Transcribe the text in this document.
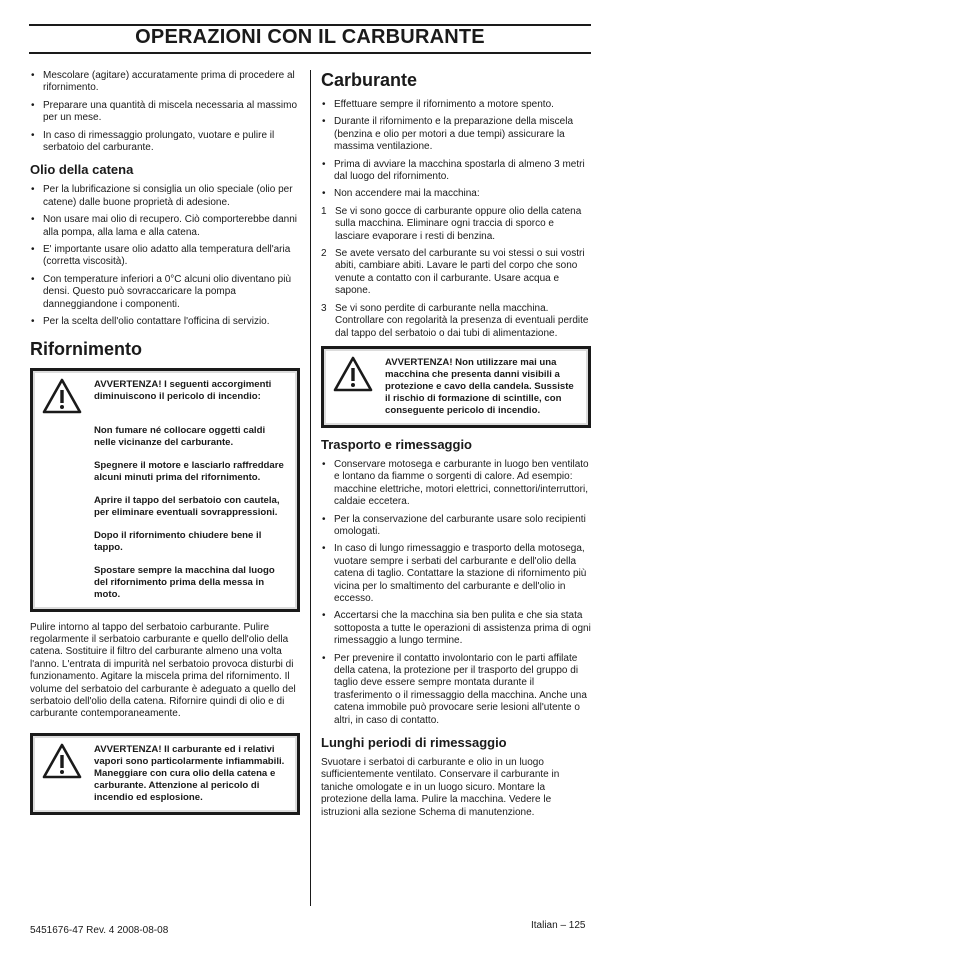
OPERAZIONI CON IL CARBURANTE
• Mescolare (agitare) accuratamente prima di procedere al rifornimento.
• Preparare una quantità di miscela necessaria al massimo per un mese.
• In caso di rimessaggio prolungato, vuotare e pulire il serbatoio del carburante.
Olio della catena
• Per la lubrificazione si consiglia un olio speciale (olio per catene) dalle buone proprietà di adesione.
• Non usare mai olio di recupero. Ciò comporterebbe danni alla pompa, alla lama e alla catena.
• E' importante usare olio adatto alla temperatura dell'aria (corretta viscosità).
• Con temperature inferiori a 0°C alcuni olio diventano più densi. Questo può sovraccaricare la pompa danneggiandone i componenti.
• Per la scelta dell'olio contattare l'officina di servizio.
Rifornimento

AVVERTENZA! I seguenti accorgimenti diminuiscono il pericolo di incendio:

Non fumare né collocare oggetti caldi nelle vicinanze del carburante.

Spegnere il motore e lasciarlo raffreddare alcuni minuti prima del rifornimento.

Aprire il tappo del serbatoio con cautela, per eliminare eventuali sovrappressioni.

Dopo il rifornimento chiudere bene il tappo.

Spostare sempre la macchina dal luogo del rifornimento prima della messa in moto.

Pulire intorno al tappo del serbatoio carburante. Pulire regolarmente il serbatoio carburante e quello dell'olio della catena. Sostituire il filtro del carburante almeno una volta l'anno. L'entrata di impurità nel serbatoio provoca disturbi di funzionamento. Agitare la miscela prima del rifornimento. Il volume del serbatoio del carburante è adeguato a quello del serbatoio dell'olio della catena. Rifornire quindi di olio e di carburante contemporaneamente.

AVVERTENZA! Il carburante ed i relativi vapori sono particolarmente infiammabili. Maneggiare con cura olio della catena e carburante. Attenzione al pericolo di incendio ed esplosione.

Carburante
• Effettuare sempre il rifornimento a motore spento.
• Durante il rifornimento e la preparazione della miscela (benzina e olio per motori a due tempi) assicurare la massima ventilazione.
• Prima di avviare la macchina spostarla di almeno 3 metri dal luogo del rifornimento.
• Non accendere mai la macchina:
1 Se vi sono gocce di carburante oppure olio della catena sulla macchina. Eliminare ogni traccia di sporco e lasciare evaporare i resti di benzina.
2 Se avete versato del carburante su voi stessi o sui vostri abiti, cambiare abiti. Lavare le parti del corpo che sono venute a contatto con il carburante. Usare acqua e sapone.
3 Se vi sono perdite di carburante nella macchina. Controllare con regolarità la presenza di eventuali perdite dal tappo del serbatoio o dai tubi di alimentazione.

AVVERTENZA! Non utilizzare mai una macchina che presenta danni visibili a protezione e cavo della candela. Sussiste il rischio di formazione di scintille, con conseguente pericolo di incendio.

Trasporto e rimessaggio
• Conservare motosega e carburante in luogo ben ventilato e lontano da fiamme o sorgenti di calore. Ad esempio: macchine elettriche, motori elettrici, connettori/interruttori, caldaie eccetera.
• Per la conservazione del carburante usare solo recipienti omologati.
• In caso di lungo rimessaggio e trasporto della motosega, vuotare sempre i serbati del carburante e dell'olio della catena di taglio. Contattare la stazione di rifornimento più vicina per lo smaltimento del carburante e dell'olio in eccesso.
• Accertarsi che la macchina sia ben pulita e che sia stata sottoposta a tutte le operazioni di assistenza prima di ogni rimessaggio a lungo termine.
• Per prevenire il contatto involontario con le parti affilate della catena, la protezione per il trasporto del gruppo di taglio deve essere sempre montata durante il trasferimento o il rimessaggio della macchina. Anche una catena immobile può provocare serie lesioni all'utente o altri, in caso di contatto.
Lunghi periodi di rimessaggio

Svuotare i serbatoi di carburante e olio in un luogo sufficientemente ventilato. Conservare il carburante in taniche omologate e in un luogo sicuro. Montare la protezione della lama. Pulire la macchina. Vedere le istruzioni alla sezione Schema di manutenzione.

5451676-47 Rev. 4 2008-08-08	Italian – 125
